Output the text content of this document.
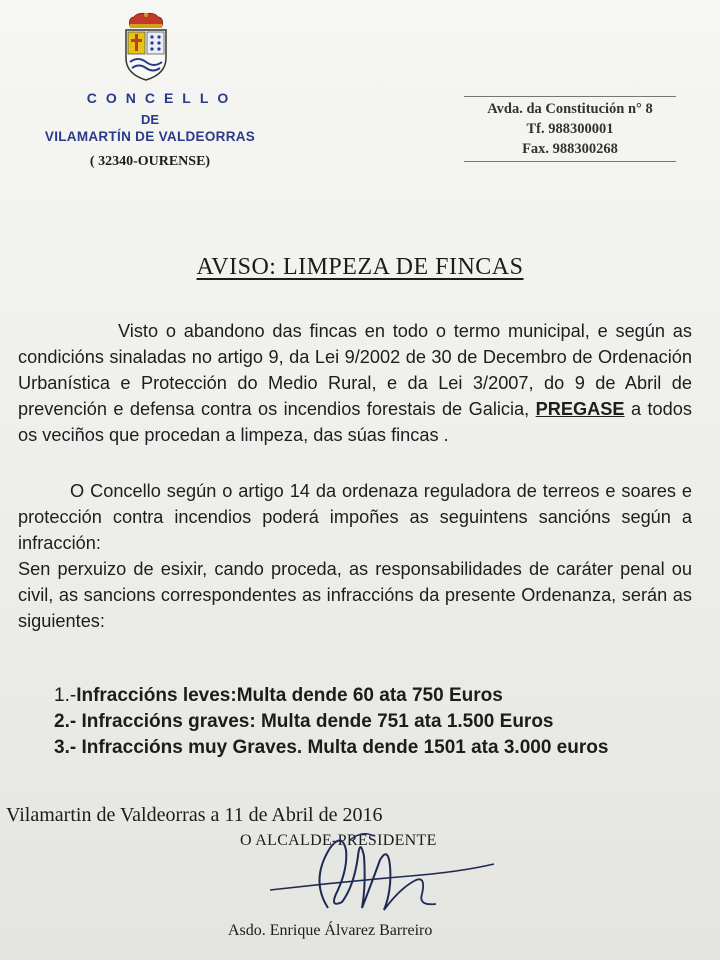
CONCELLO
DE
VILAMARTÍN DE VALDEORRAS
( 32340-OURENSE)
Avda. da Constitución n° 8
Tf. 988300001
Fax. 988300268
AVISO: LIMPEZA DE FINCAS

Visto o abandono das fincas en todo o termo municipal, e según as condicións sinaladas no artigo 9, da Lei 9/2002 de 30 de Decembro de Ordenación Urbanística e Protección do Medio Rural, e da Lei 3/2007, do 9 de Abril de prevención e defensa contra os incendios forestais de Galicia, PREGASE a todos os veciños que procedan a limpeza, das súas fincas .

O Concello según o artigo 14 da ordenaza reguladora de terreos e soares e protección contra incendios poderá impoñes as seguintens sancións según a infracción:

Sen perxuizo de esixir, cando proceda, as responsabilidades de caráter penal ou civil, as sancions correspondentes as infraccións da presente Ordenanza, serán as siguientes:

1.-Infraccións leves:Multa dende 60 ata 750 Euros
2.- Infraccións graves: Multa dende 751 ata 1.500 Euros
3.- Infraccións muy Graves. Multa dende 1501 ata 3.000 euros
Vilamartin de Valdeorras a 11 de Abril de 2016
O ALCALDE-PRESIDENTE
Asdo. Enrique Álvarez Barreiro
